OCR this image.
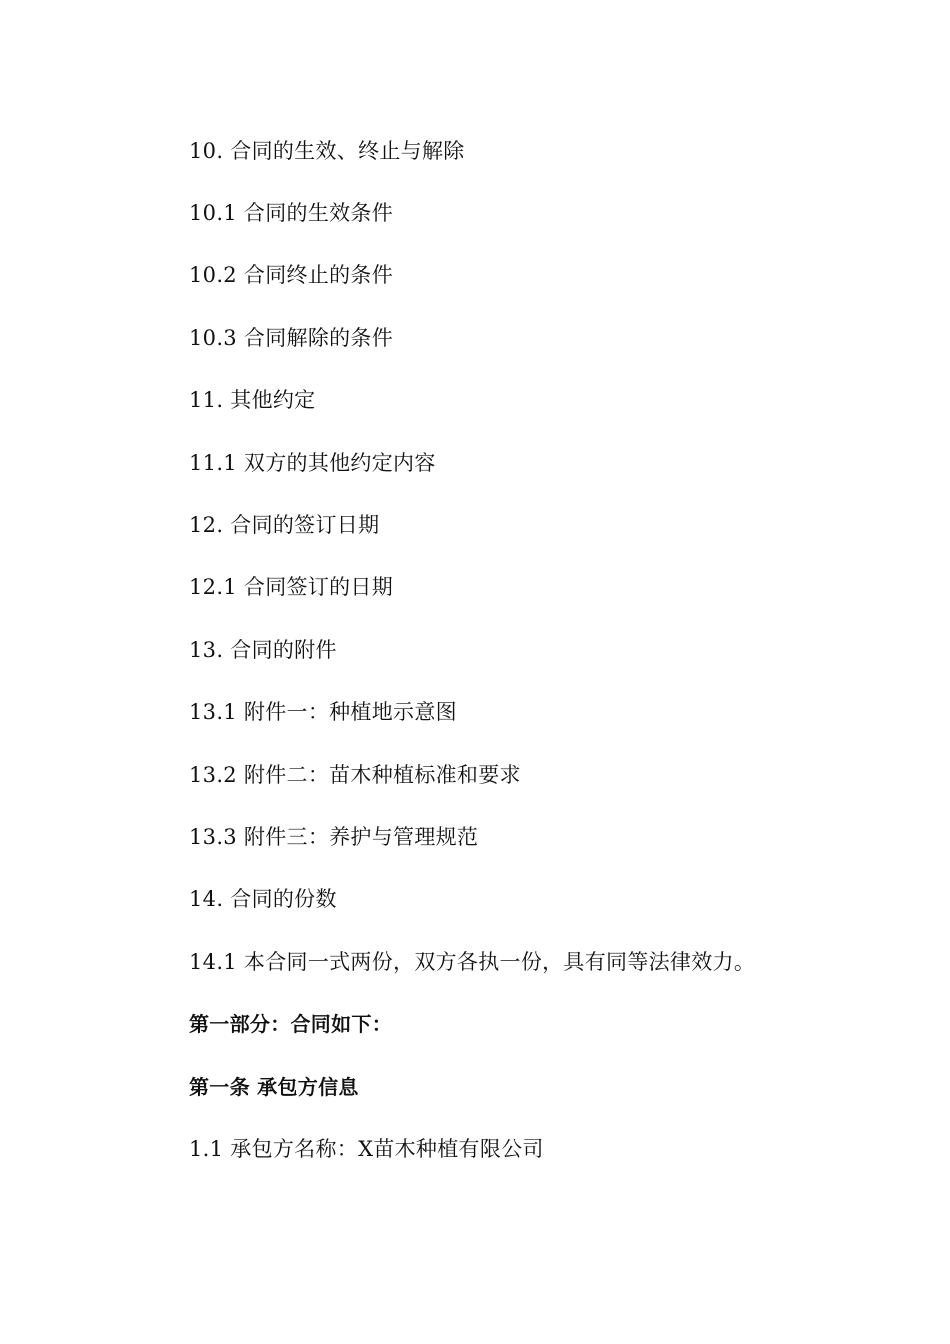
10. 合同的生效、终止与解除
10.1 合同的生效条件
10.2 合同终止的条件
10.3 合同解除的条件
11. 其他约定
11.1 双方的其他约定内容
12. 合同的签订日期
12.1 合同签订的日期
13. 合同的附件
13.1 附件一：种植地示意图
13.2 附件二：苗木种植标准和要求
13.3 附件三：养护与管理规范
14. 合同的份数
14.1 本合同一式两份，双方各执一份，具有同等法律效力。
第一部分：合同如下：
第一条 承包方信息
1.1 承包方名称：X苗木种植有限公司
